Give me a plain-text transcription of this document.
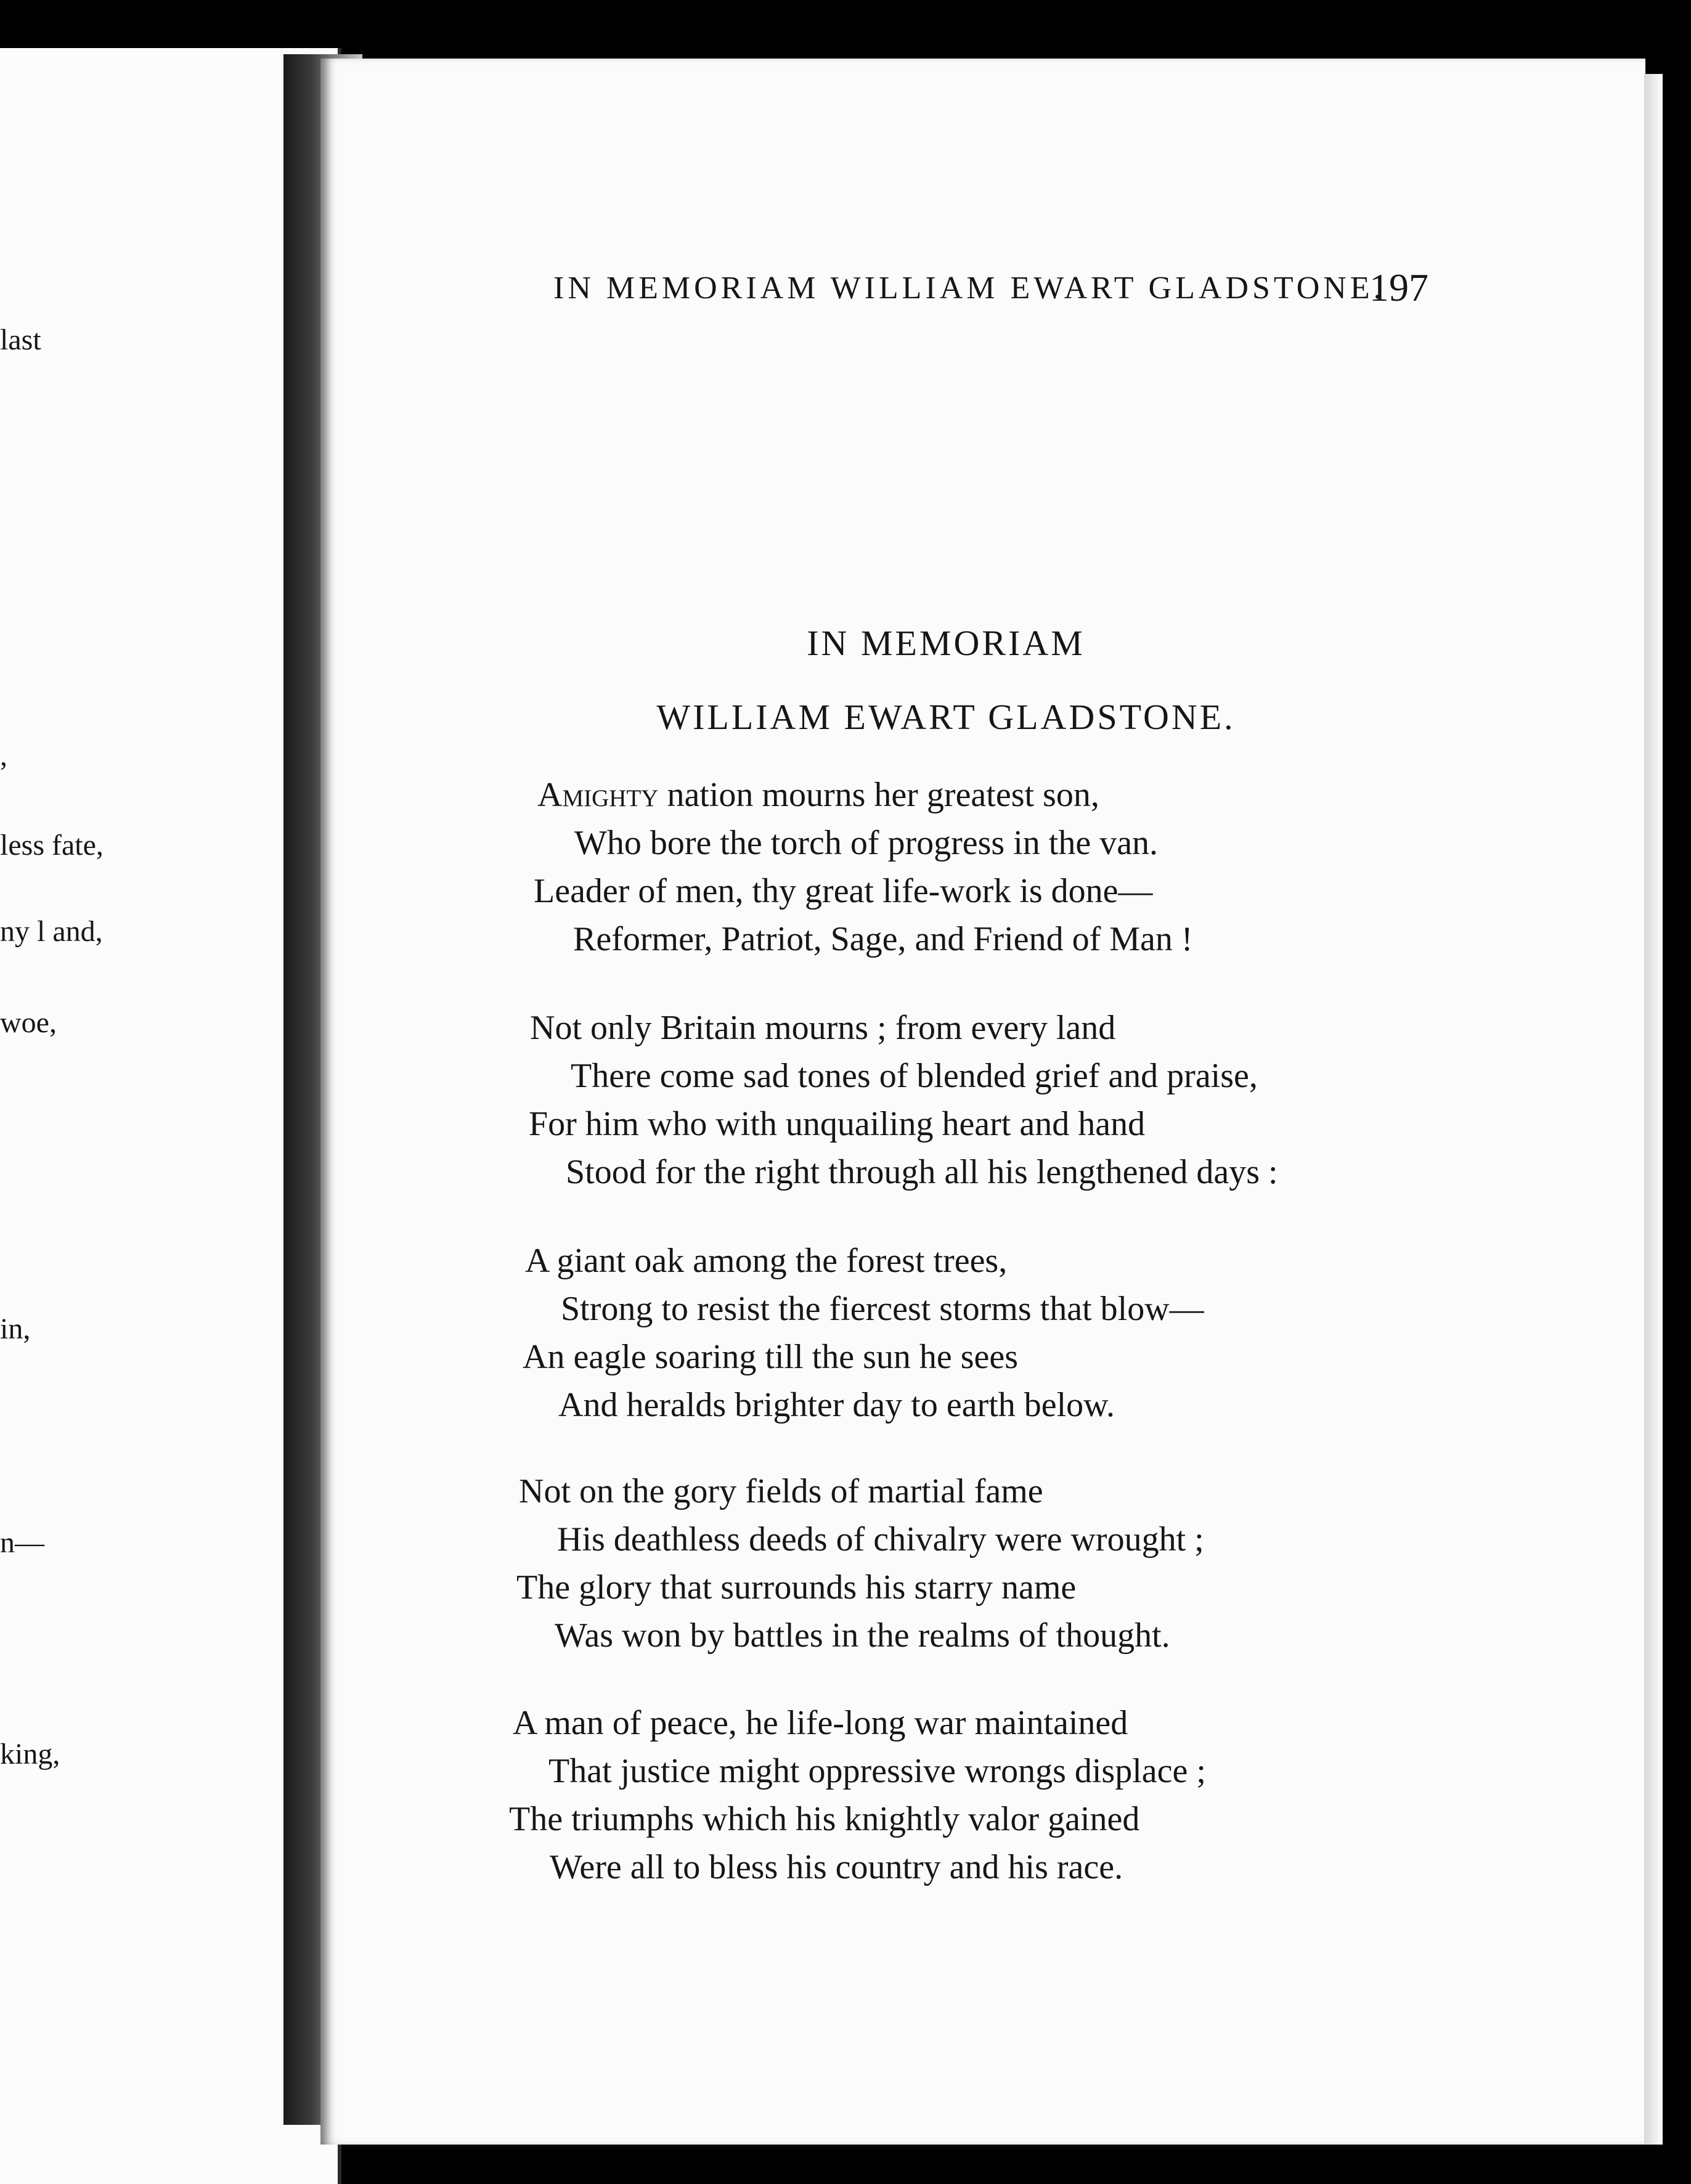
last
,
less fate,
ny l and,
woe,
in,
n—
king,
IN MEMORIAM WILLIAM EWART GLADSTONE.
197
IN MEMORIAM
WILLIAM EWART GLADSTONE.
Amighty nation mourns her greatest son,
Who bore the torch of progress in the van.
Leader of men, thy great life-work is done—
Reformer, Patriot, Sage, and Friend of Man !
Not only Britain mourns ; from every land
There come sad tones of blended grief and praise,
For him who with unquailing heart and hand
Stood for the right through all his lengthened days :
A giant oak among the forest trees,
Strong to resist the fiercest storms that blow—
An eagle soaring till the sun he sees
And heralds brighter day to earth below.
Not on the gory fields of martial fame
His deathless deeds of chivalry were wrought ;
The glory that surrounds his starry name
Was won by battles in the realms of thought.
A man of peace, he life-long war maintained
That justice might oppressive wrongs displace ;
The triumphs which his knightly valor gained
Were all to bless his country and his race.
